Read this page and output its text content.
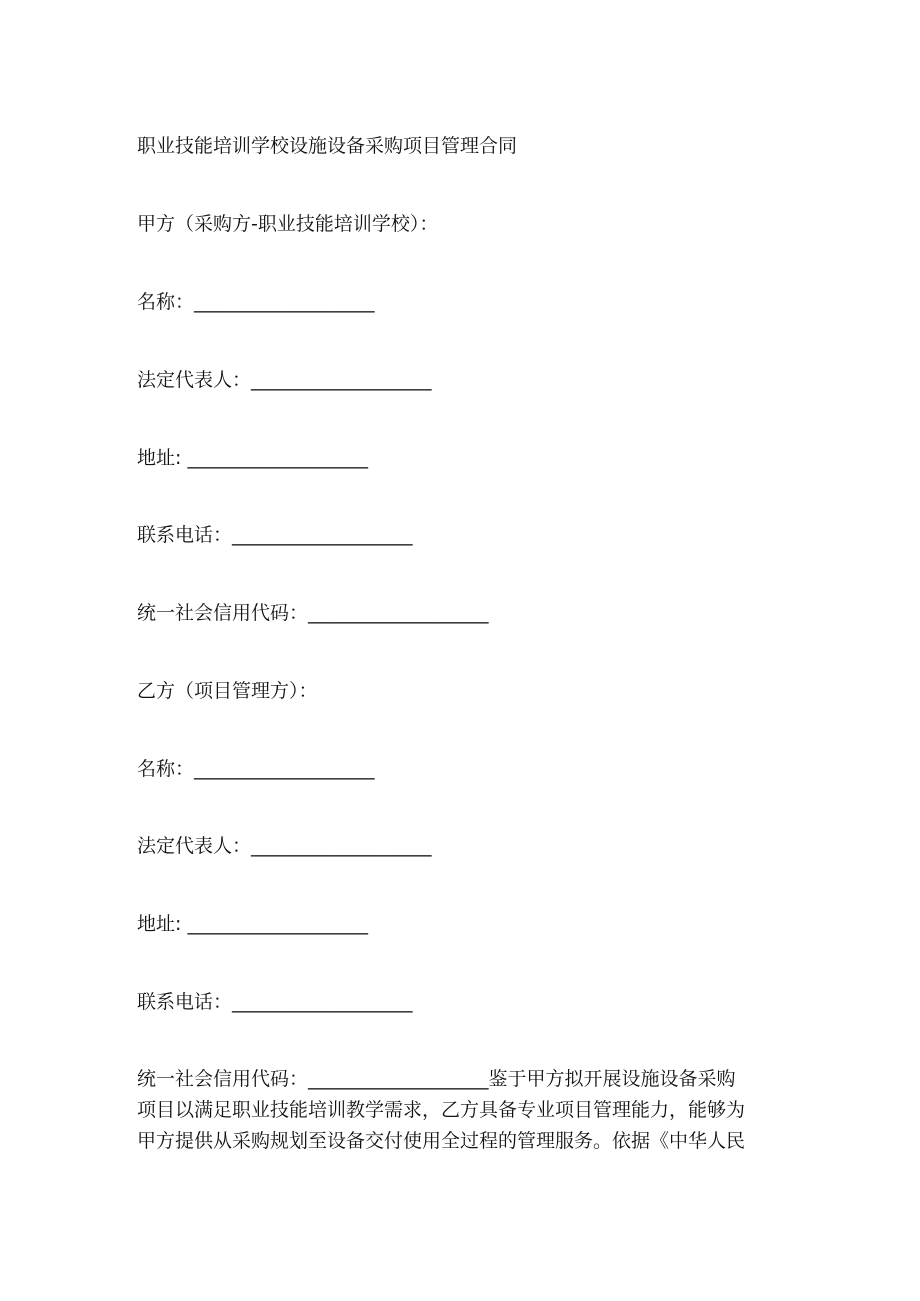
职业技能培训学校设施设备采购项目管理合同
甲方（采购方-职业技能培训学校）：
名称：___________________
法定代表人：___________________
地址: ___________________
联系电话：___________________
统一社会信用代码：___________________
乙方（项目管理方）：
名称：___________________
法定代表人：___________________
地址: ___________________
联系电话：___________________
统一社会信用代码：___________________鉴于甲方拟开展设施设备采购
项目以满足职业技能培训教学需求，乙方具备专业项目管理能力，能够为
甲方提供从采购规划至设备交付使用全过程的管理服务。依据《中华人民
